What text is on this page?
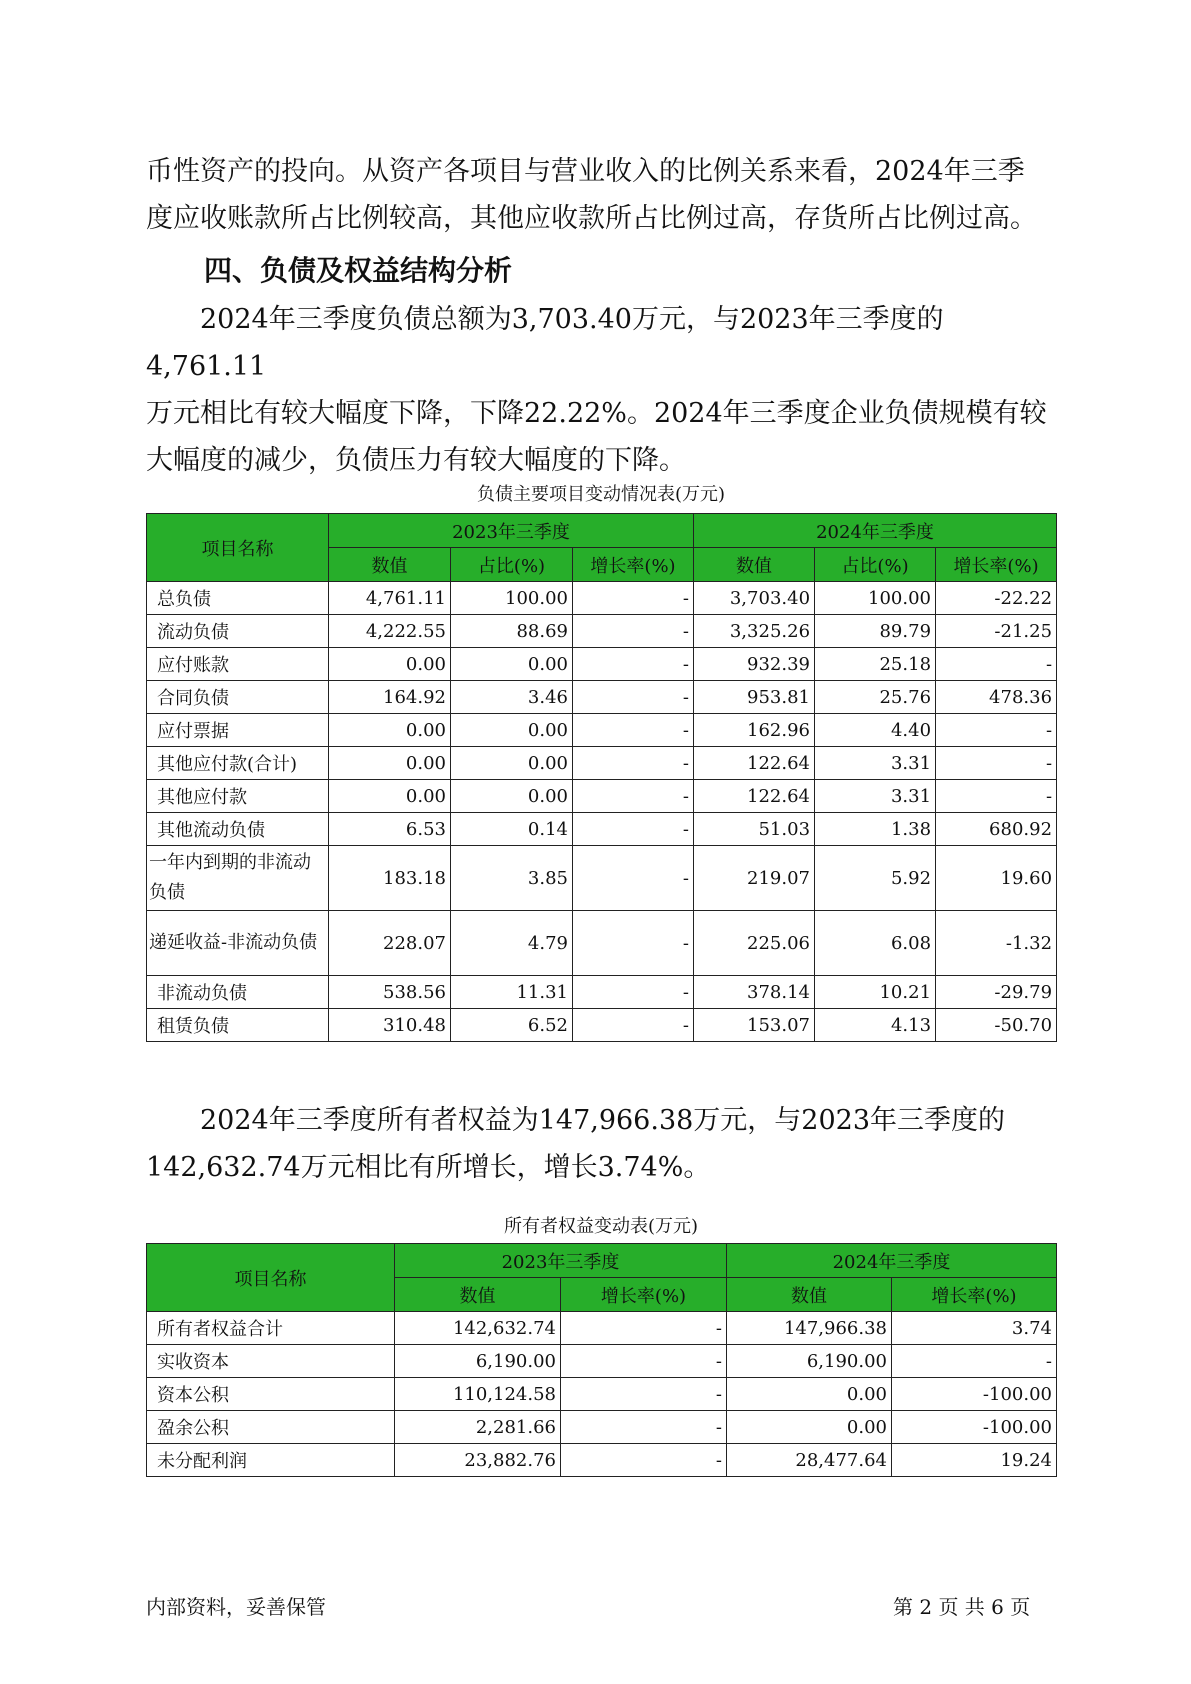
币性资产的投向。从资产各项目与营业收入的比例关系来看，2024年三季
度应收账款所占比例较高，其他应收款所占比例过高，存货所占比例过高。

四、负债及权益结构分析

2024年三季度负债总额为3,703.40万元，与2023年三季度的4,761.11
万元相比有较大幅度下降，下降22.22%。2024年三季度企业负债规模有较
大幅度的减少，负债压力有较大幅度的下降。

负债主要项目变动情况表(万元)
项目名称	2023年三季度			2024年三季度		
	数值	占比(%)	增长率(%)	数值	占比(%)	增长率(%)
总负债	4,761.11	100.00	-	3,703.40	100.00	-22.22
流动负债	4,222.55	88.69	-	3,325.26	89.79	-21.25
应付账款	0.00	0.00	-	932.39	25.18	-
合同负债	164.92	3.46	-	953.81	25.76	478.36
应付票据	0.00	0.00	-	162.96	4.40	-
其他应付款(合计)	0.00	0.00	-	122.64	3.31	-
其他应付款	0.00	0.00	-	122.64	3.31	-
其他流动负债	6.53	0.14	-	51.03	1.38	680.92
一年内到期的非流动负债	183.18	3.85	-	219.07	5.92	19.60
递延收益-非流动负债	228.07	4.79	-	225.06	6.08	-1.32
非流动负债	538.56	11.31	-	378.14	10.21	-29.79
租赁负债	310.48	6.52	-	153.07	4.13	-50.70

2024年三季度所有者权益为147,966.38万元，与2023年三季度的
142,632.74万元相比有所增长，增长3.74%。

所有者权益变动表(万元)
项目名称	2023年三季度		2024年三季度	
	数值	增长率(%)	数值	增长率(%)
所有者权益合计	142,632.74	-	147,966.38	3.74
实收资本	6,190.00	-	6,190.00	-
资本公积	110,124.58	-	0.00	-100.00
盈余公积	2,281.66	-	0.00	-100.00
未分配利润	23,882.76	-	28,477.64	19.24
内部资料，妥善保管	第 2 页 共 6 页
